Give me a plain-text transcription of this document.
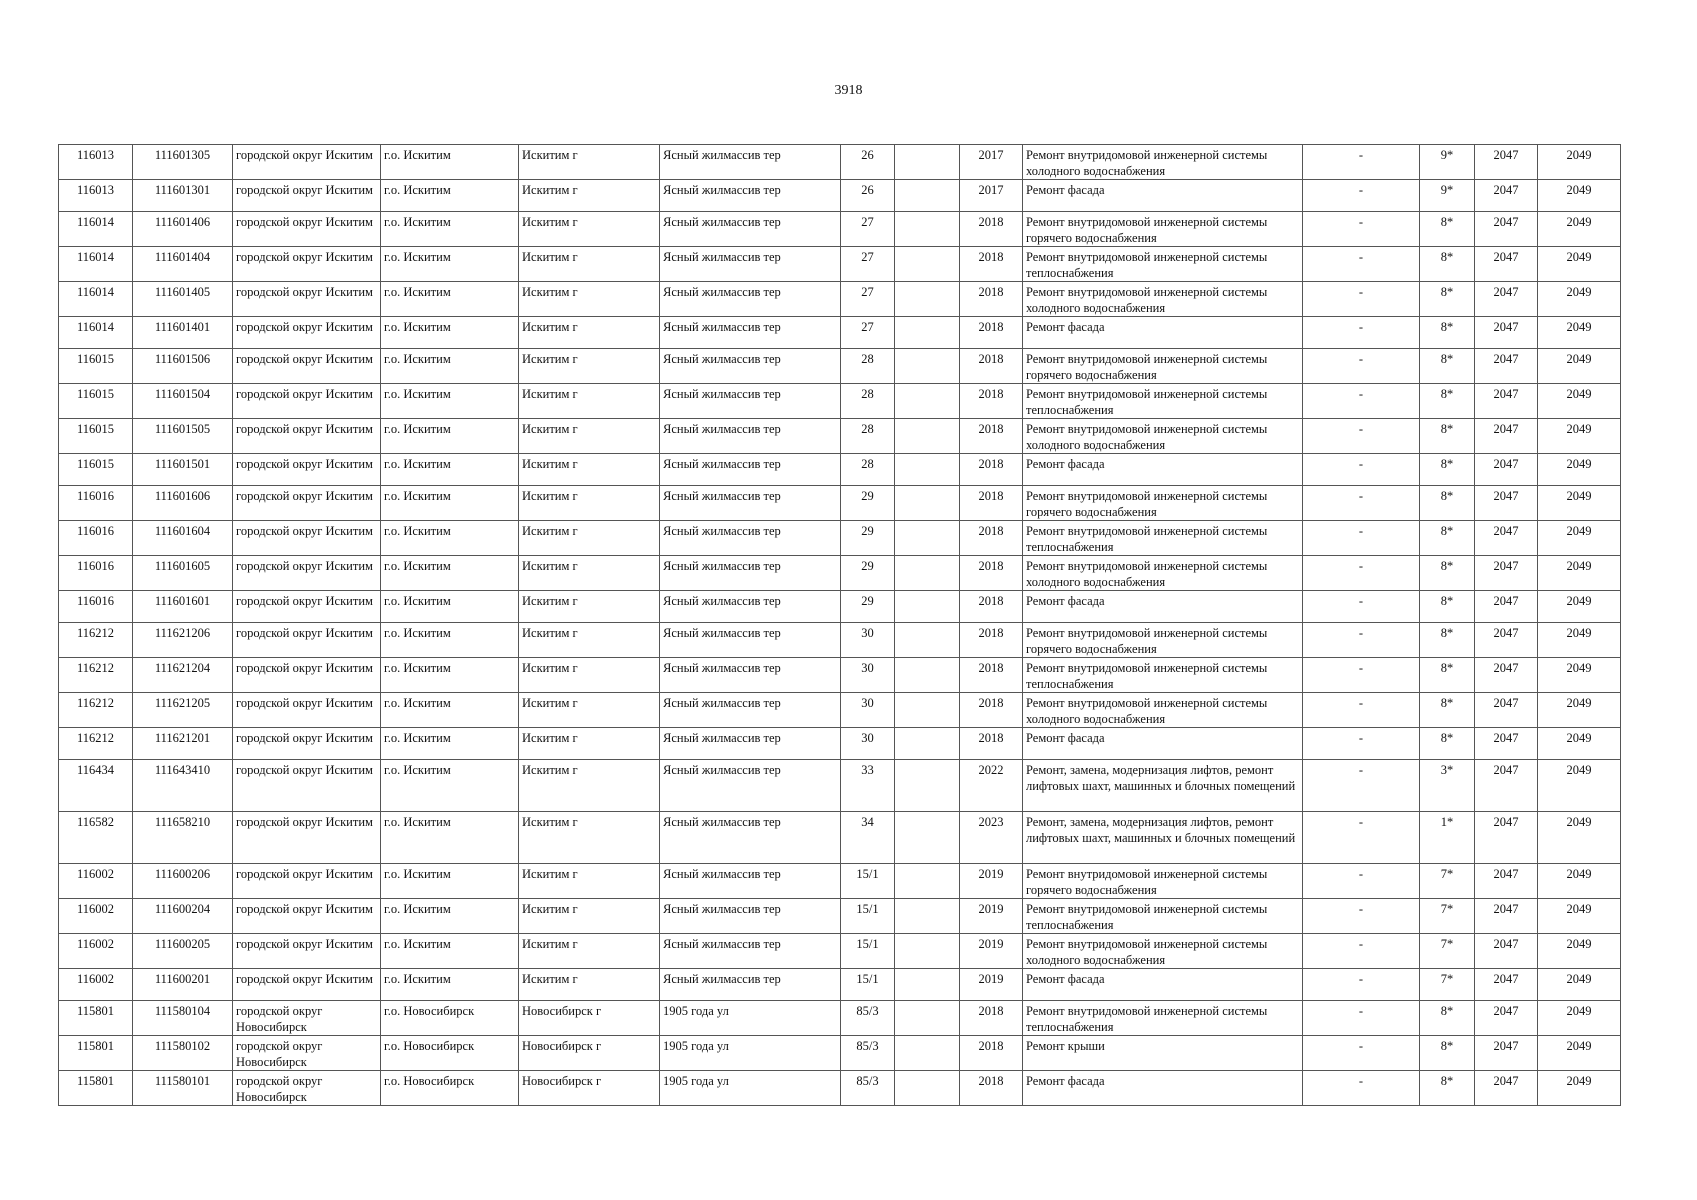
3918
116013	111601305	городской округ Искитим	г.о. Искитим	Искитим г	Ясный жилмассив тер	26		2017	Ремонт внутридомовой инженерной системы холодного водоснабжения	-	9*	2047	2049
116013	111601301	городской округ Искитим	г.о. Искитим	Искитим г	Ясный жилмассив тер	26		2017	Ремонт фасада	-	9*	2047	2049
116014	111601406	городской округ Искитим	г.о. Искитим	Искитим г	Ясный жилмассив тер	27		2018	Ремонт внутридомовой инженерной системы горячего водоснабжения	-	8*	2047	2049
116014	111601404	городской округ Искитим	г.о. Искитим	Искитим г	Ясный жилмассив тер	27		2018	Ремонт внутридомовой инженерной системы теплоснабжения	-	8*	2047	2049
116014	111601405	городской округ Искитим	г.о. Искитим	Искитим г	Ясный жилмассив тер	27		2018	Ремонт внутридомовой инженерной системы холодного водоснабжения	-	8*	2047	2049
116014	111601401	городской округ Искитим	г.о. Искитим	Искитим г	Ясный жилмассив тер	27		2018	Ремонт фасада	-	8*	2047	2049
116015	111601506	городской округ Искитим	г.о. Искитим	Искитим г	Ясный жилмассив тер	28		2018	Ремонт внутридомовой инженерной системы горячего водоснабжения	-	8*	2047	2049
116015	111601504	городской округ Искитим	г.о. Искитим	Искитим г	Ясный жилмассив тер	28		2018	Ремонт внутридомовой инженерной системы теплоснабжения	-	8*	2047	2049
116015	111601505	городской округ Искитим	г.о. Искитим	Искитим г	Ясный жилмассив тер	28		2018	Ремонт внутридомовой инженерной системы холодного водоснабжения	-	8*	2047	2049
116015	111601501	городской округ Искитим	г.о. Искитим	Искитим г	Ясный жилмассив тер	28		2018	Ремонт фасада	-	8*	2047	2049
116016	111601606	городской округ Искитим	г.о. Искитим	Искитим г	Ясный жилмассив тер	29		2018	Ремонт внутридомовой инженерной системы горячего водоснабжения	-	8*	2047	2049
116016	111601604	городской округ Искитим	г.о. Искитим	Искитим г	Ясный жилмассив тер	29		2018	Ремонт внутридомовой инженерной системы теплоснабжения	-	8*	2047	2049
116016	111601605	городской округ Искитим	г.о. Искитим	Искитим г	Ясный жилмассив тер	29		2018	Ремонт внутридомовой инженерной системы холодного водоснабжения	-	8*	2047	2049
116016	111601601	городской округ Искитим	г.о. Искитим	Искитим г	Ясный жилмассив тер	29		2018	Ремонт фасада	-	8*	2047	2049
116212	111621206	городской округ Искитим	г.о. Искитим	Искитим г	Ясный жилмассив тер	30		2018	Ремонт внутридомовой инженерной системы горячего водоснабжения	-	8*	2047	2049
116212	111621204	городской округ Искитим	г.о. Искитим	Искитим г	Ясный жилмассив тер	30		2018	Ремонт внутридомовой инженерной системы теплоснабжения	-	8*	2047	2049
116212	111621205	городской округ Искитим	г.о. Искитим	Искитим г	Ясный жилмассив тер	30		2018	Ремонт внутридомовой инженерной системы холодного водоснабжения	-	8*	2047	2049
116212	111621201	городской округ Искитим	г.о. Искитим	Искитим г	Ясный жилмассив тер	30		2018	Ремонт фасада	-	8*	2047	2049
116434	111643410	городской округ Искитим	г.о. Искитим	Искитим г	Ясный жилмассив тер	33		2022	Ремонт, замена, модернизация лифтов, ремонт лифтовых шахт, машинных и блочных помещений	-	3*	2047	2049
116582	111658210	городской округ Искитим	г.о. Искитим	Искитим г	Ясный жилмассив тер	34		2023	Ремонт, замена, модернизация лифтов, ремонт лифтовых шахт, машинных и блочных помещений	-	1*	2047	2049
116002	111600206	городской округ Искитим	г.о. Искитим	Искитим г	Ясный жилмассив тер	15/1		2019	Ремонт внутридомовой инженерной системы горячего водоснабжения	-	7*	2047	2049
116002	111600204	городской округ Искитим	г.о. Искитим	Искитим г	Ясный жилмассив тер	15/1		2019	Ремонт внутридомовой инженерной системы теплоснабжения	-	7*	2047	2049
116002	111600205	городской округ Искитим	г.о. Искитим	Искитим г	Ясный жилмассив тер	15/1		2019	Ремонт внутридомовой инженерной системы холодного водоснабжения	-	7*	2047	2049
116002	111600201	городской округ Искитим	г.о. Искитим	Искитим г	Ясный жилмассив тер	15/1		2019	Ремонт фасада	-	7*	2047	2049
115801	111580104	городской округ Новосибирск	г.о. Новосибирск	Новосибирск г	1905 года ул	85/3		2018	Ремонт внутридомовой инженерной системы теплоснабжения	-	8*	2047	2049
115801	111580102	городской округ Новосибирск	г.о. Новосибирск	Новосибирск г	1905 года ул	85/3		2018	Ремонт крыши	-	8*	2047	2049
115801	111580101	городской округ Новосибирск	г.о. Новосибирск	Новосибирск г	1905 года ул	85/3		2018	Ремонт фасада	-	8*	2047	2049
